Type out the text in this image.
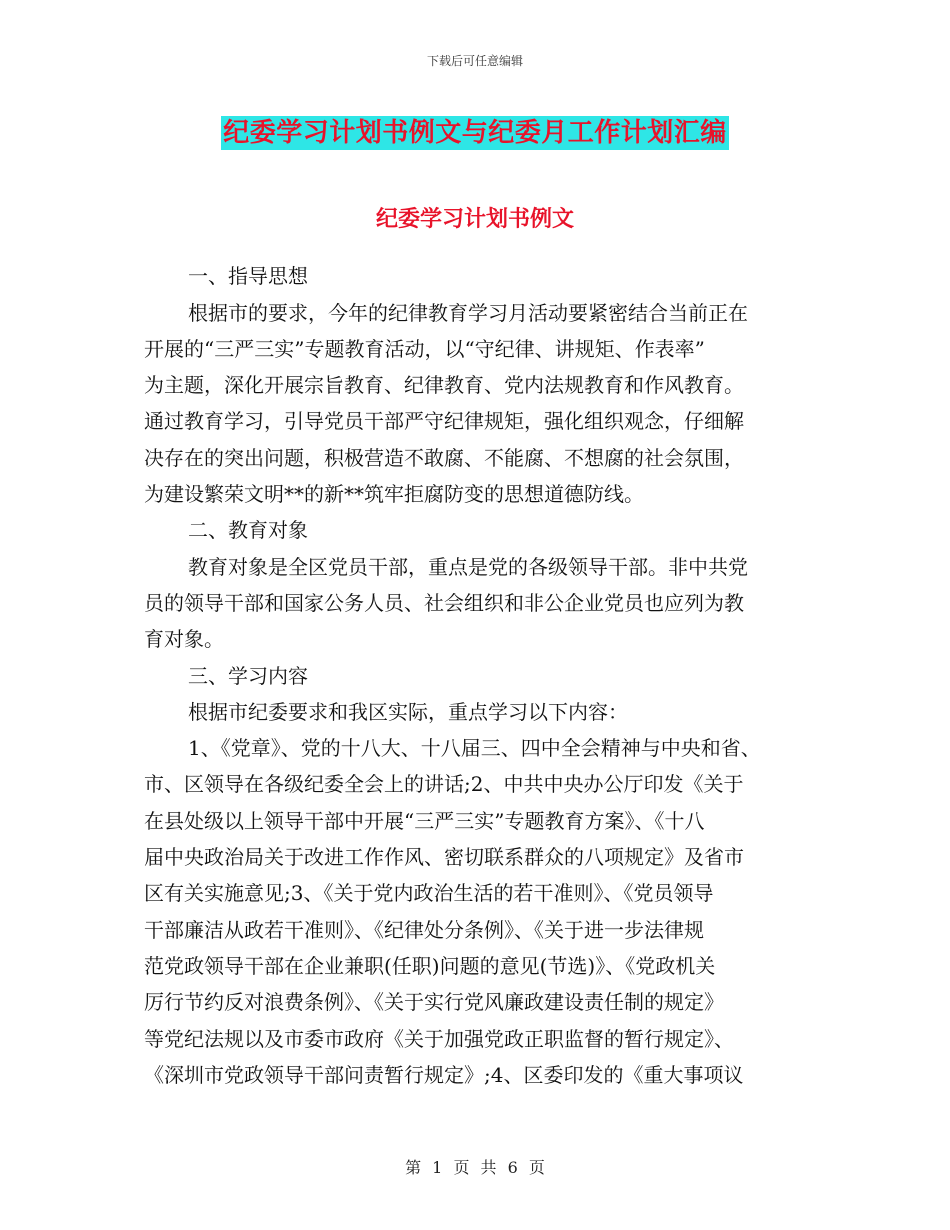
下载后可任意编辑
纪委学习计划书例文与纪委月工作计划汇编
纪委学习计划书例文

一、指导思想

根据市的要求，今年的纪律教育学习月活动要紧密结合当前正在

开展的“三严三实”专题教育活动，以“守纪律、讲规矩、作表率”

为主题，深化开展宗旨教育、纪律教育、党内法规教育和作风教育。

通过教育学习，引导党员干部严守纪律规矩，强化组织观念，仔细解

决存在的突出问题，积极营造不敢腐、不能腐、不想腐的社会氛围，

为建设繁荣文明**的新**筑牢拒腐防变的思想道德防线。

二、教育对象

教育对象是全区党员干部，重点是党的各级领导干部。非中共党

员的领导干部和国家公务人员、社会组织和非公企业党员也应列为教

育对象。

三、学习内容

根据市纪委要求和我区实际，重点学习以下内容：

1、《党章》、党的十八大、十八届三、四中全会精神与中央和省、

市、区领导在各级纪委全会上的讲话;2、中共中央办公厅印发《关于

在县处级以上领导干部中开展“三严三实”专题教育方案》、《十八

届中央政治局关于改进工作作风、密切联系群众的八项规定》及省市

区有关实施意见;3、《关于党内政治生活的若干准则》、《党员领导

干部廉洁从政若干准则》、《纪律处分条例》、《关于进一步法律规

范党政领导干部在企业兼职(任职)问题的意见(节选)》、《党政机关

厉行节约反对浪费条例》、《关于实行党风廉政建设责任制的规定》

等党纪法规以及市委市政府《关于加强党政正职监督的暂行规定》、

《深圳市党政领导干部问责暂行规定》;4、区委印发的《重大事项议

第 1 页 共 6 页
